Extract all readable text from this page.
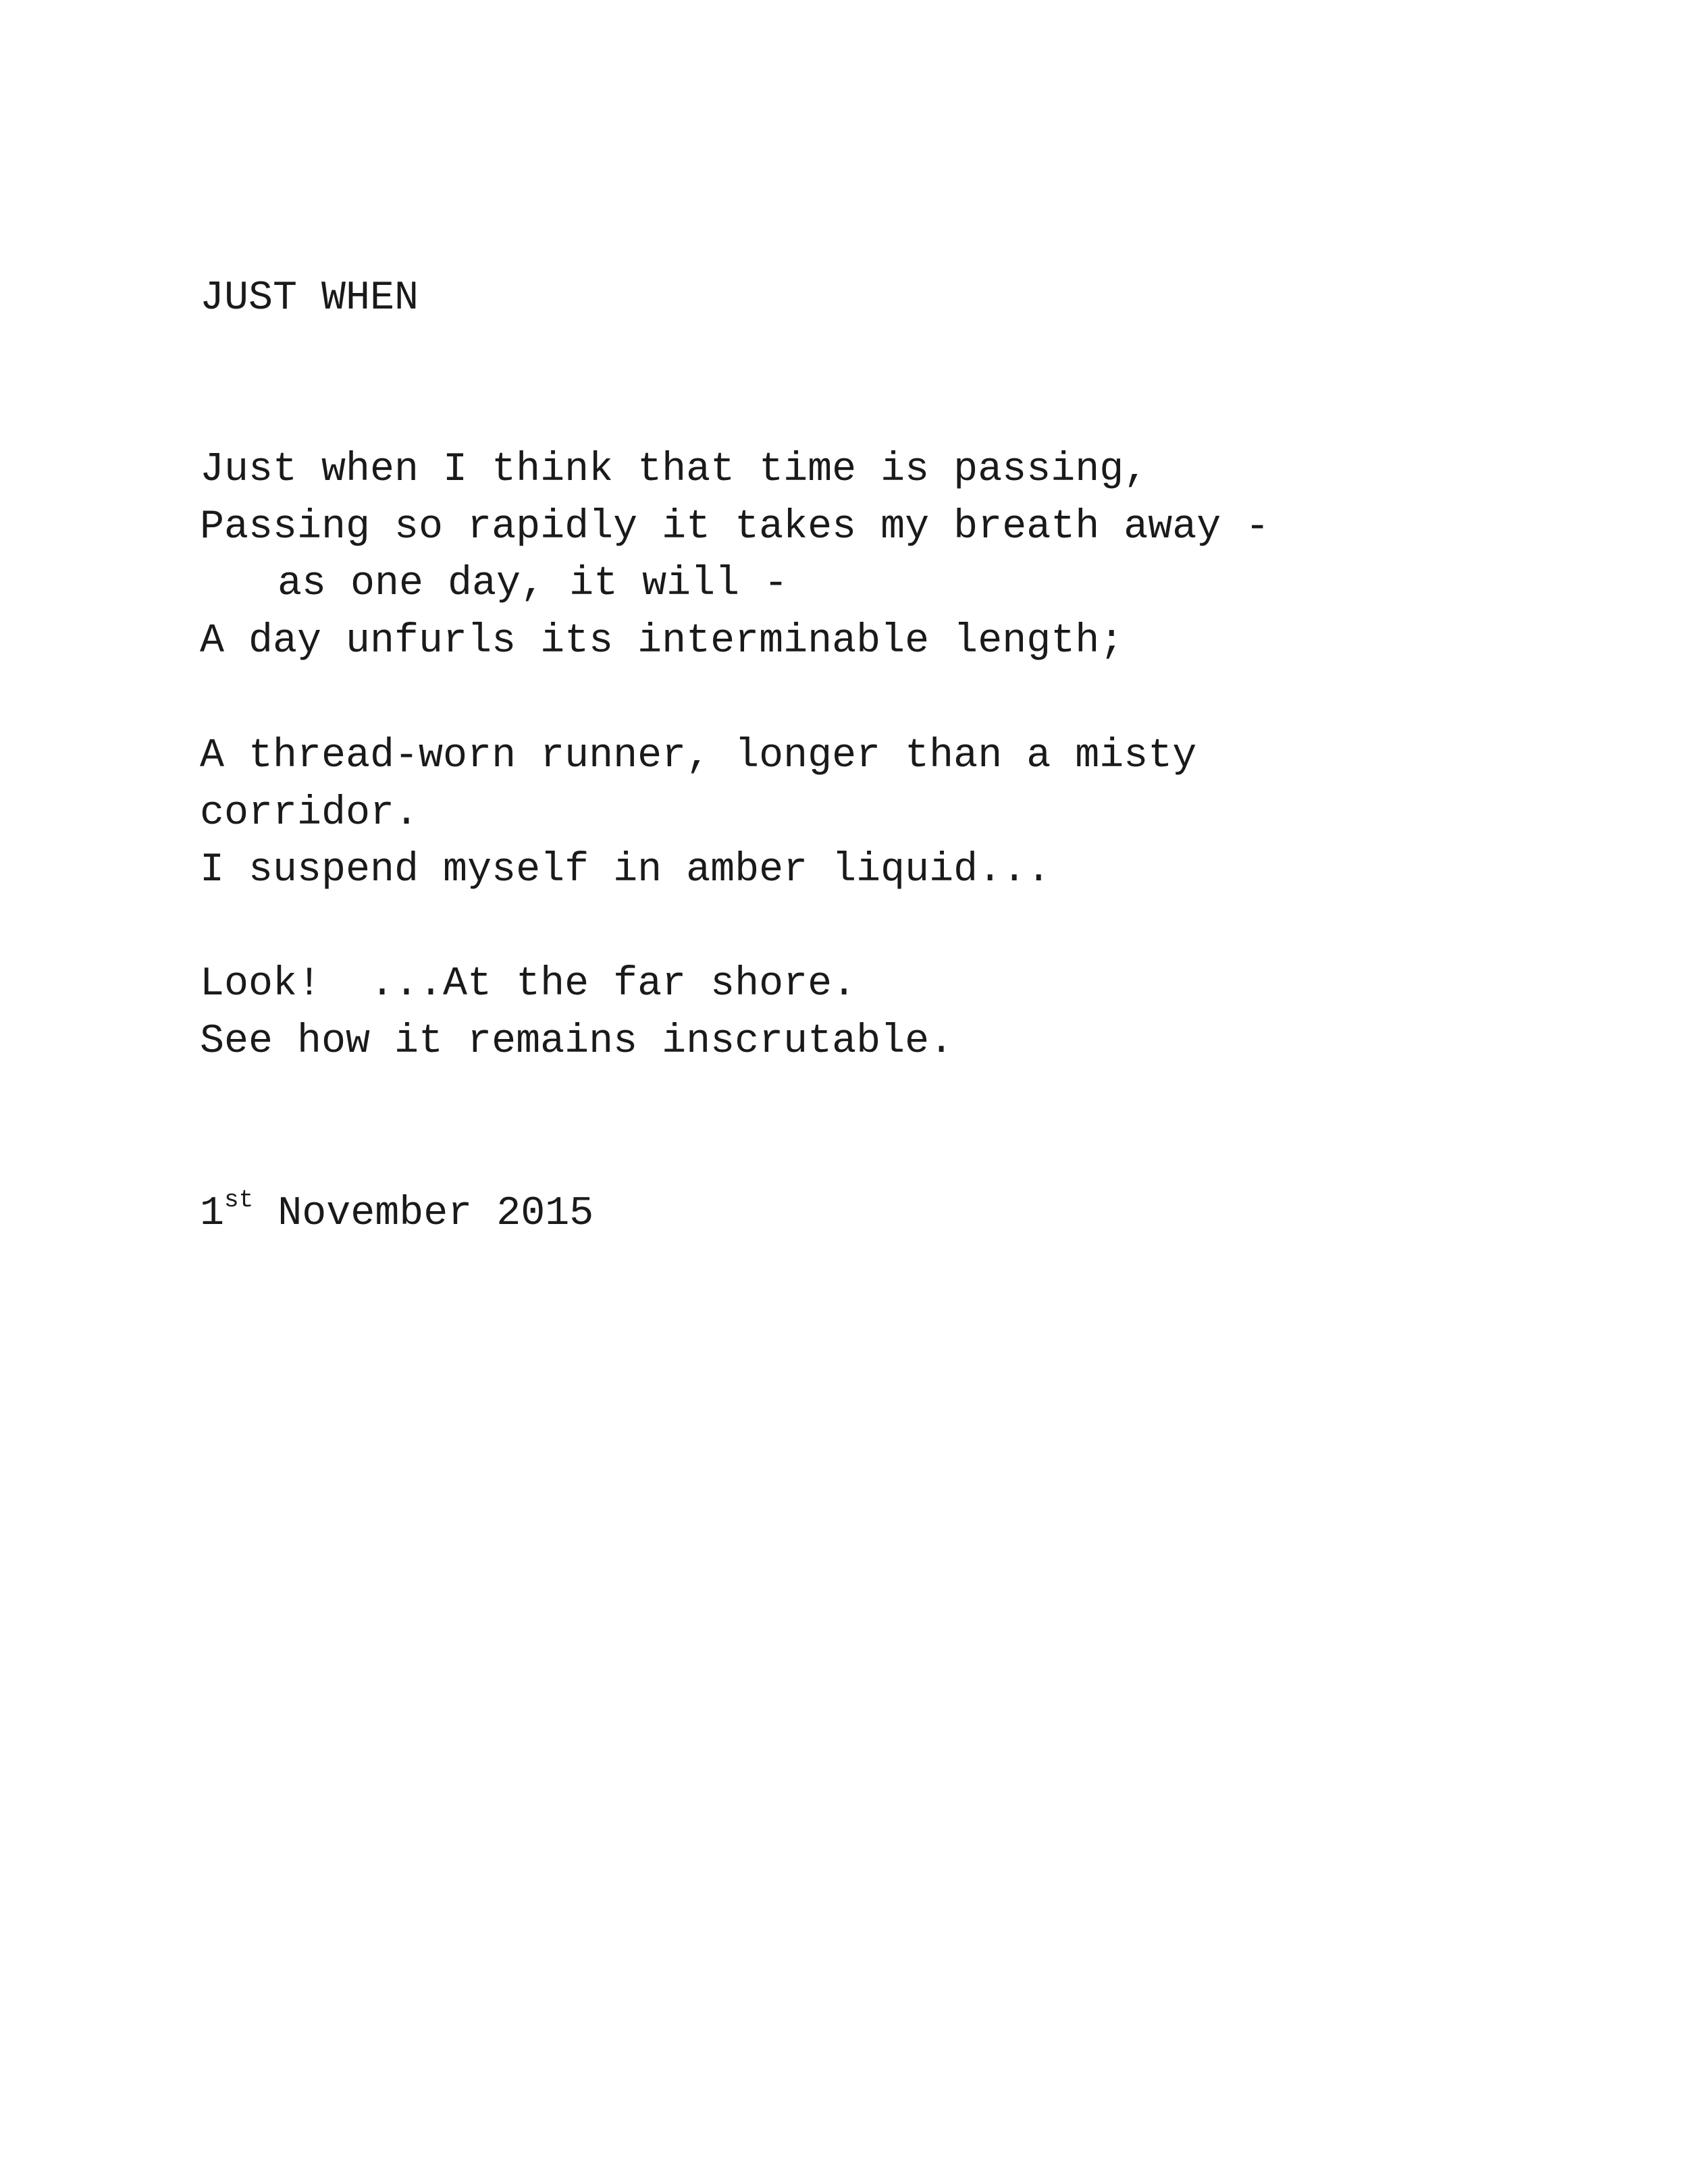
JUST WHEN
Just when I think that time is passing,
Passing so rapidly it takes my breath away -
as one day, it will -
A day unfurls its interminable length;
A thread-worn runner, longer than a misty
corridor.
I suspend myself in amber liquid...
Look!  ...At the far shore.
See how it remains inscrutable.

1st November 2015
